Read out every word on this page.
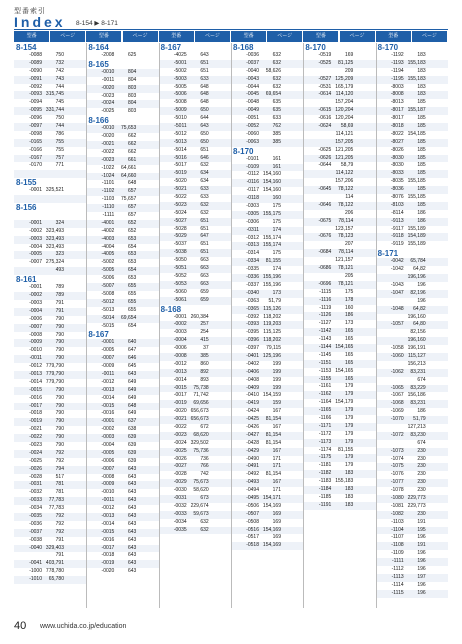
型番索引
Index 8-154 ▶ 8-171
型番	ページ	型番	ページ	型番	ページ	型番	ページ	型番	ページ	型番	ページ
8-154
-0088	750
-0089	732
-0090	742
-0091	743
-0092	744
-0093 315,745
-0094	745
-0095 331,744
-0096	750
-0097	744
-0098	786
-0165	755
-0166	755
-0167	757
-0170	771
8-155
-0001 325,521
8-156
-0001	324
-0002 323,493
-0003 323,493
-0004 323,493
-0005	323
-0007 275,324
493
8-161
-0001	789
-0002	789
-0003	791
-0004	791
-0006	790
-0007	790
-0008	790
-0009	790
-0010	790
-0011	790
-0012 779,790
-0013 779,790
-0014 779,790
-0015	790
-0016	790
-0017	790
-0018	790
-0019	790
-0021	790
-0022	790
-0023	790
-0024	792
-0025	792
-0026	794
-0028	517
-0031	781
-0032	781
-0033	77,783
-0034	77,783
-0035	792
-0036	792
-0037	792
-0038	791
-0040 329,403
791
-0041 403,791
-1000 778,780
-1010	65,780
8-164
-2008	625
8-165
-0010	804
-0011	804
-0020	803
-0023	803
-0024	804
-0025	803
8-166
-0010	75,653
-0020	662
-0021	662
-0022	662
-0023	661
-1022	64,661
-1024	64,660
-1101	648
-1102	657
-1103	75,657
-1110	657
-1111	657
-4001	652
-4002	652
-4003	653
-4004	654
-4005	653
-5002	653
-5005	654
-5006	653
-5007	655
-5008	655
-5012	655
-5013	655
-5014	69,654
-5015	654
8-167
-0001	640
-0005	647
-0007	646
-0009	645
-0011	643
-0012	649
-0013	649
-0014	649
-0015	648
-0016	649
-0001	637
-0002	638
-0003	639
-0004	639
-0005	639
-0006	639
-0007	643
-0008	643
-0009	643
-0010	643
-0011	643
-0012	643
-0013	643
-0014	643
-0015	643
-0016	643
-0017	643
-0018	643
-0019	643
-0020	643
8-167
-4025	643
-5001	651
-5002	651
-5003	633
-5005	648
-5006	648
-5008	648
-5009	650
-5010	644
-5011	643
-5012	650
-5013	650
-5014	651
-5016	646
-5017	632
-5019	634
-5020	634
-5021	633
-5022	633
-5023	632
-5024	632
-5027	651
-5028	651
-5029	647
-5037	651
-5038	651
-5050	663
-5051	663
-5052	663
-5053	663
-5060	659
-5061	659
8-168
-0001 260,384
-0002	257
-0003	254
-0004	415
-0006	37
-0008	385
-0012	860
-0013	892
-0014	893
-0015	75,738
-0017	71,742
-0019	69,656
-0020 656,673
-0021 656,673
-0022	672
-0023	68,620
-0024 329,502
-0025	75,736
-0026	736
-0027	766
-0028	742
-0029	75,673
-0030	58,620
-0031	673
-0032 229,674
-0033	59,673
-0034	632
-0035	632
8-168
-0036	632
-0037	632
-0040	58,626
-0043	632
-0044	632
-0045	69,654
-0048	635
-0049	635
-0051	633
-0052	762
-0060	385
-0063	385
8-170
-0101	161
-0109	161
-0112 154,160
-0116 154,160
-0117 154,160
-0118	160
-0303	175
-0305 155,175
-0306	175
-0311	174
-0312 155,174
-0313 155,174
-0314	175
-0334	81,155
-0335	174
-0336 155,196
-0337 155,196
-0340	173
-0363	51,79
-0365 115,126
-0392 118,202
-0393 119,203
-0395 115,125
-0396 118,202
-0397	79,115
-0401 125,196
-0402	199
-0406	199
-0408	199
-0409	199
-0410 154,159
-0419	159
-0424	167
-0425	81,154
-0426	167
-0427	81,154
-0428	81,154
-0429	167
-0490	171
-0491	171
-0492	81,154
-0493	167
-0494	171
-0495 154,171
-0506 154,169
-0507	169
-0508	169
-0516 154,169
-0517	169
-0518 154,169
8-170
-0519	169
-0525	81,125
209
-0527 125,209
-0531 165,179
-0614 114,120
157,204
-0615 120,204
-0616 120,204
-0624	58,69
114,121
157,205
-0625 121,205
-0626 121,205
-0644	58,79
114,122
157,206
-0645	78,122
114
-0646	78,122
206
-0675	78,114
123,157
-0676	78,123
207
-0684	78,114
121,157
-0686	78,121
205
-0696	78,121
-1115	175
-1116	178
-1119	160
-1126	186
-1127	173
-1142	165
-1143	165
-1144 154,165
-1145	165
-1151	165
-1153 154,165
-1155	165
-1161	179
-1162	179
-1164 154,179
-1165	179
-1166	179
-1171	179
-1172	179
-1173	179
-1174	81,155
-1175	179
-1181	179
-1182	183
-1183 155,183
-1184	183
-1185	183
-1191	183
8-170
-1192	183
-1193 155,183
-1194	183
-1195 155,183
-8003	183
-8008	183
-8013	185
-8017 155,187
-8017	185
-8018	185
-8022 154,185
-8027	185
-8026	185
-8030	185
-8030	185
-8033	185
-8035 155,185
-8036	185
-8076 155,185
-8103	185
-8114	186
-9113	186
-9117 155,189
-9118 154,189
-9119 155,189
8-171
-0042	65,784
-1042	64,82
196,196
-1043	196
-1047	82,196
196
-1048	64,82
196,160
-1057	64,80
82,156
196,160
-1058 196,191
-1060 115,127
156,213
-1062	83,231
674
-1065	83,229
-1067 156,186
-1068	83,231
-1069	186
-1070	51,79
127,213
-1072	83,230
674
-1073	230
-1074	230
-1075	230
-1076	230
-1077	230
-1078	230
-1080 229,773
-1081 229,773
-1082	230
-1103	191
-1104	195
-1107	196
-1108	191
-1109	196
-1111	196
-1112	196
-1113	197
-1114	196
-1115	196
40 www.uchida.co.jp/education
